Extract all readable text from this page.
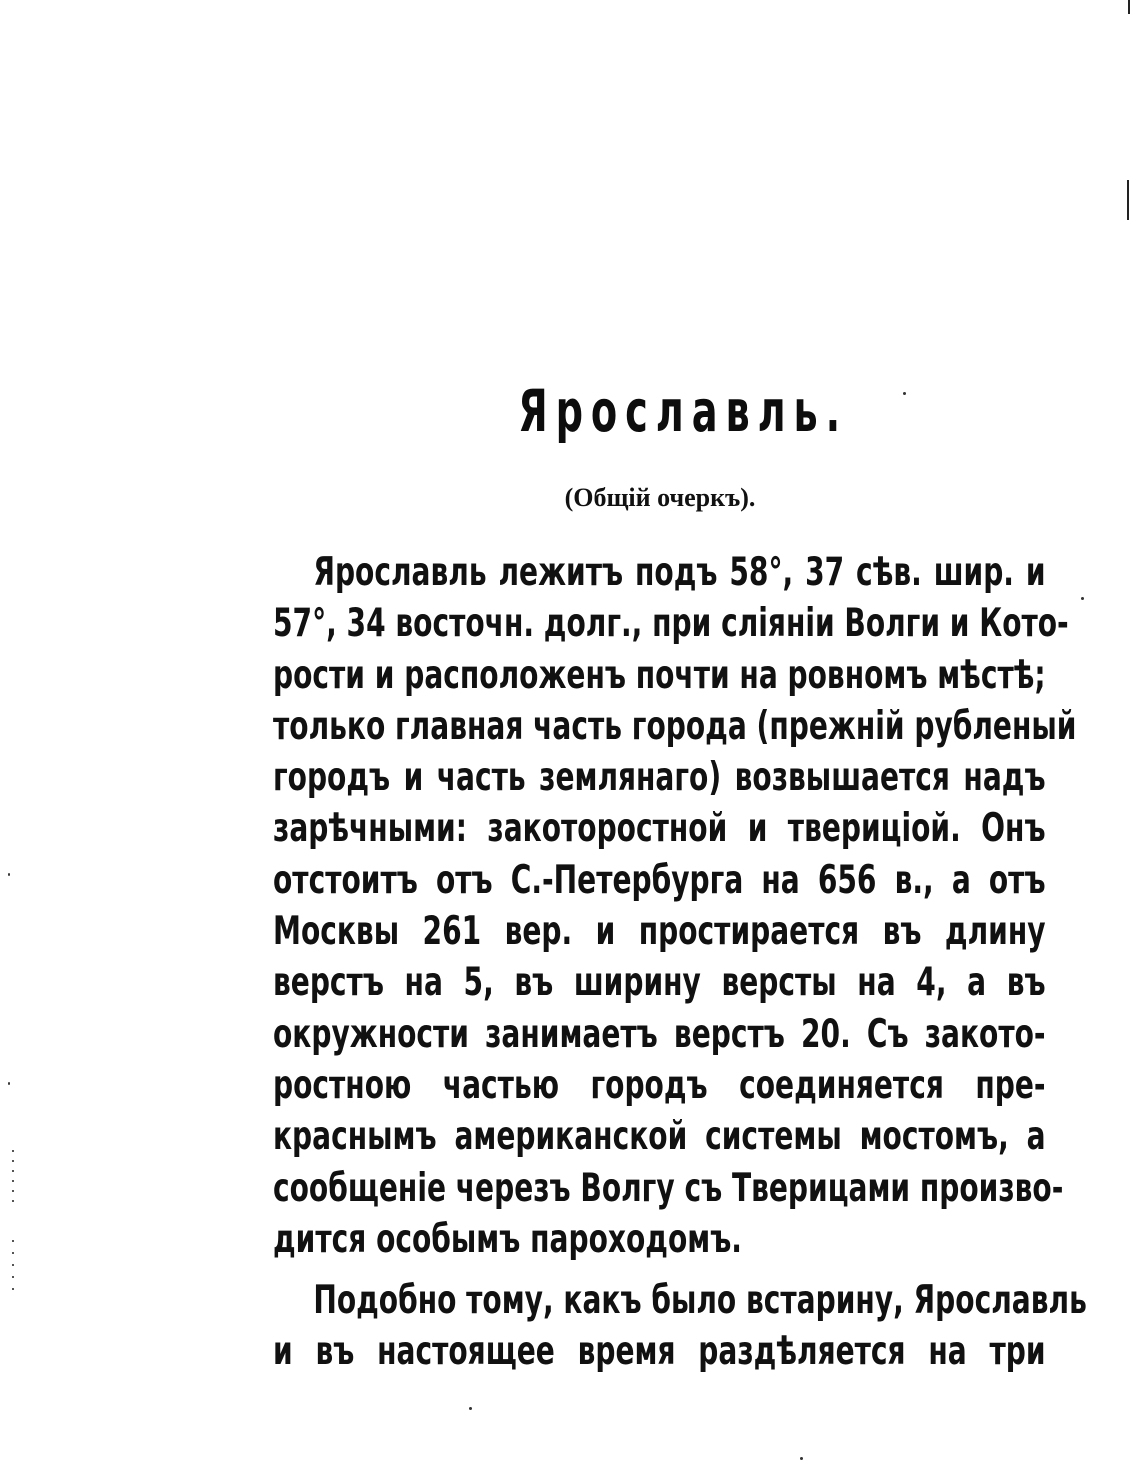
Ярославль.
(Общій очеркъ).
Ярославль лежитъ подъ 58°, 37 сѣв. шир. и
57°, 34 восточн. долг., при сліяніи Волги и Кото-
рости и расположенъ почти на ровномъ мѣстѣ;
только главная часть города (прежній рубленый
городъ и часть землянаго) возвышается надъ
зарѣчными: закоторостной и твериціой. Онъ
отстоитъ отъ С.-Петербурга на 656 в., а отъ
Москвы 261 вер. и простирается въ длину
верстъ на 5, въ ширину версты на 4, а въ
окружности занимаетъ верстъ 20. Съ закото-
ростною частью городъ соединяется пре-
краснымъ американской системы мостомъ, а
сообщеніе черезъ Волгу съ Тверицами произво-
дится особымъ пароходомъ.
Подобно тому, какъ было встарину, Ярославль
и въ настоящее время раздѣляется на три
